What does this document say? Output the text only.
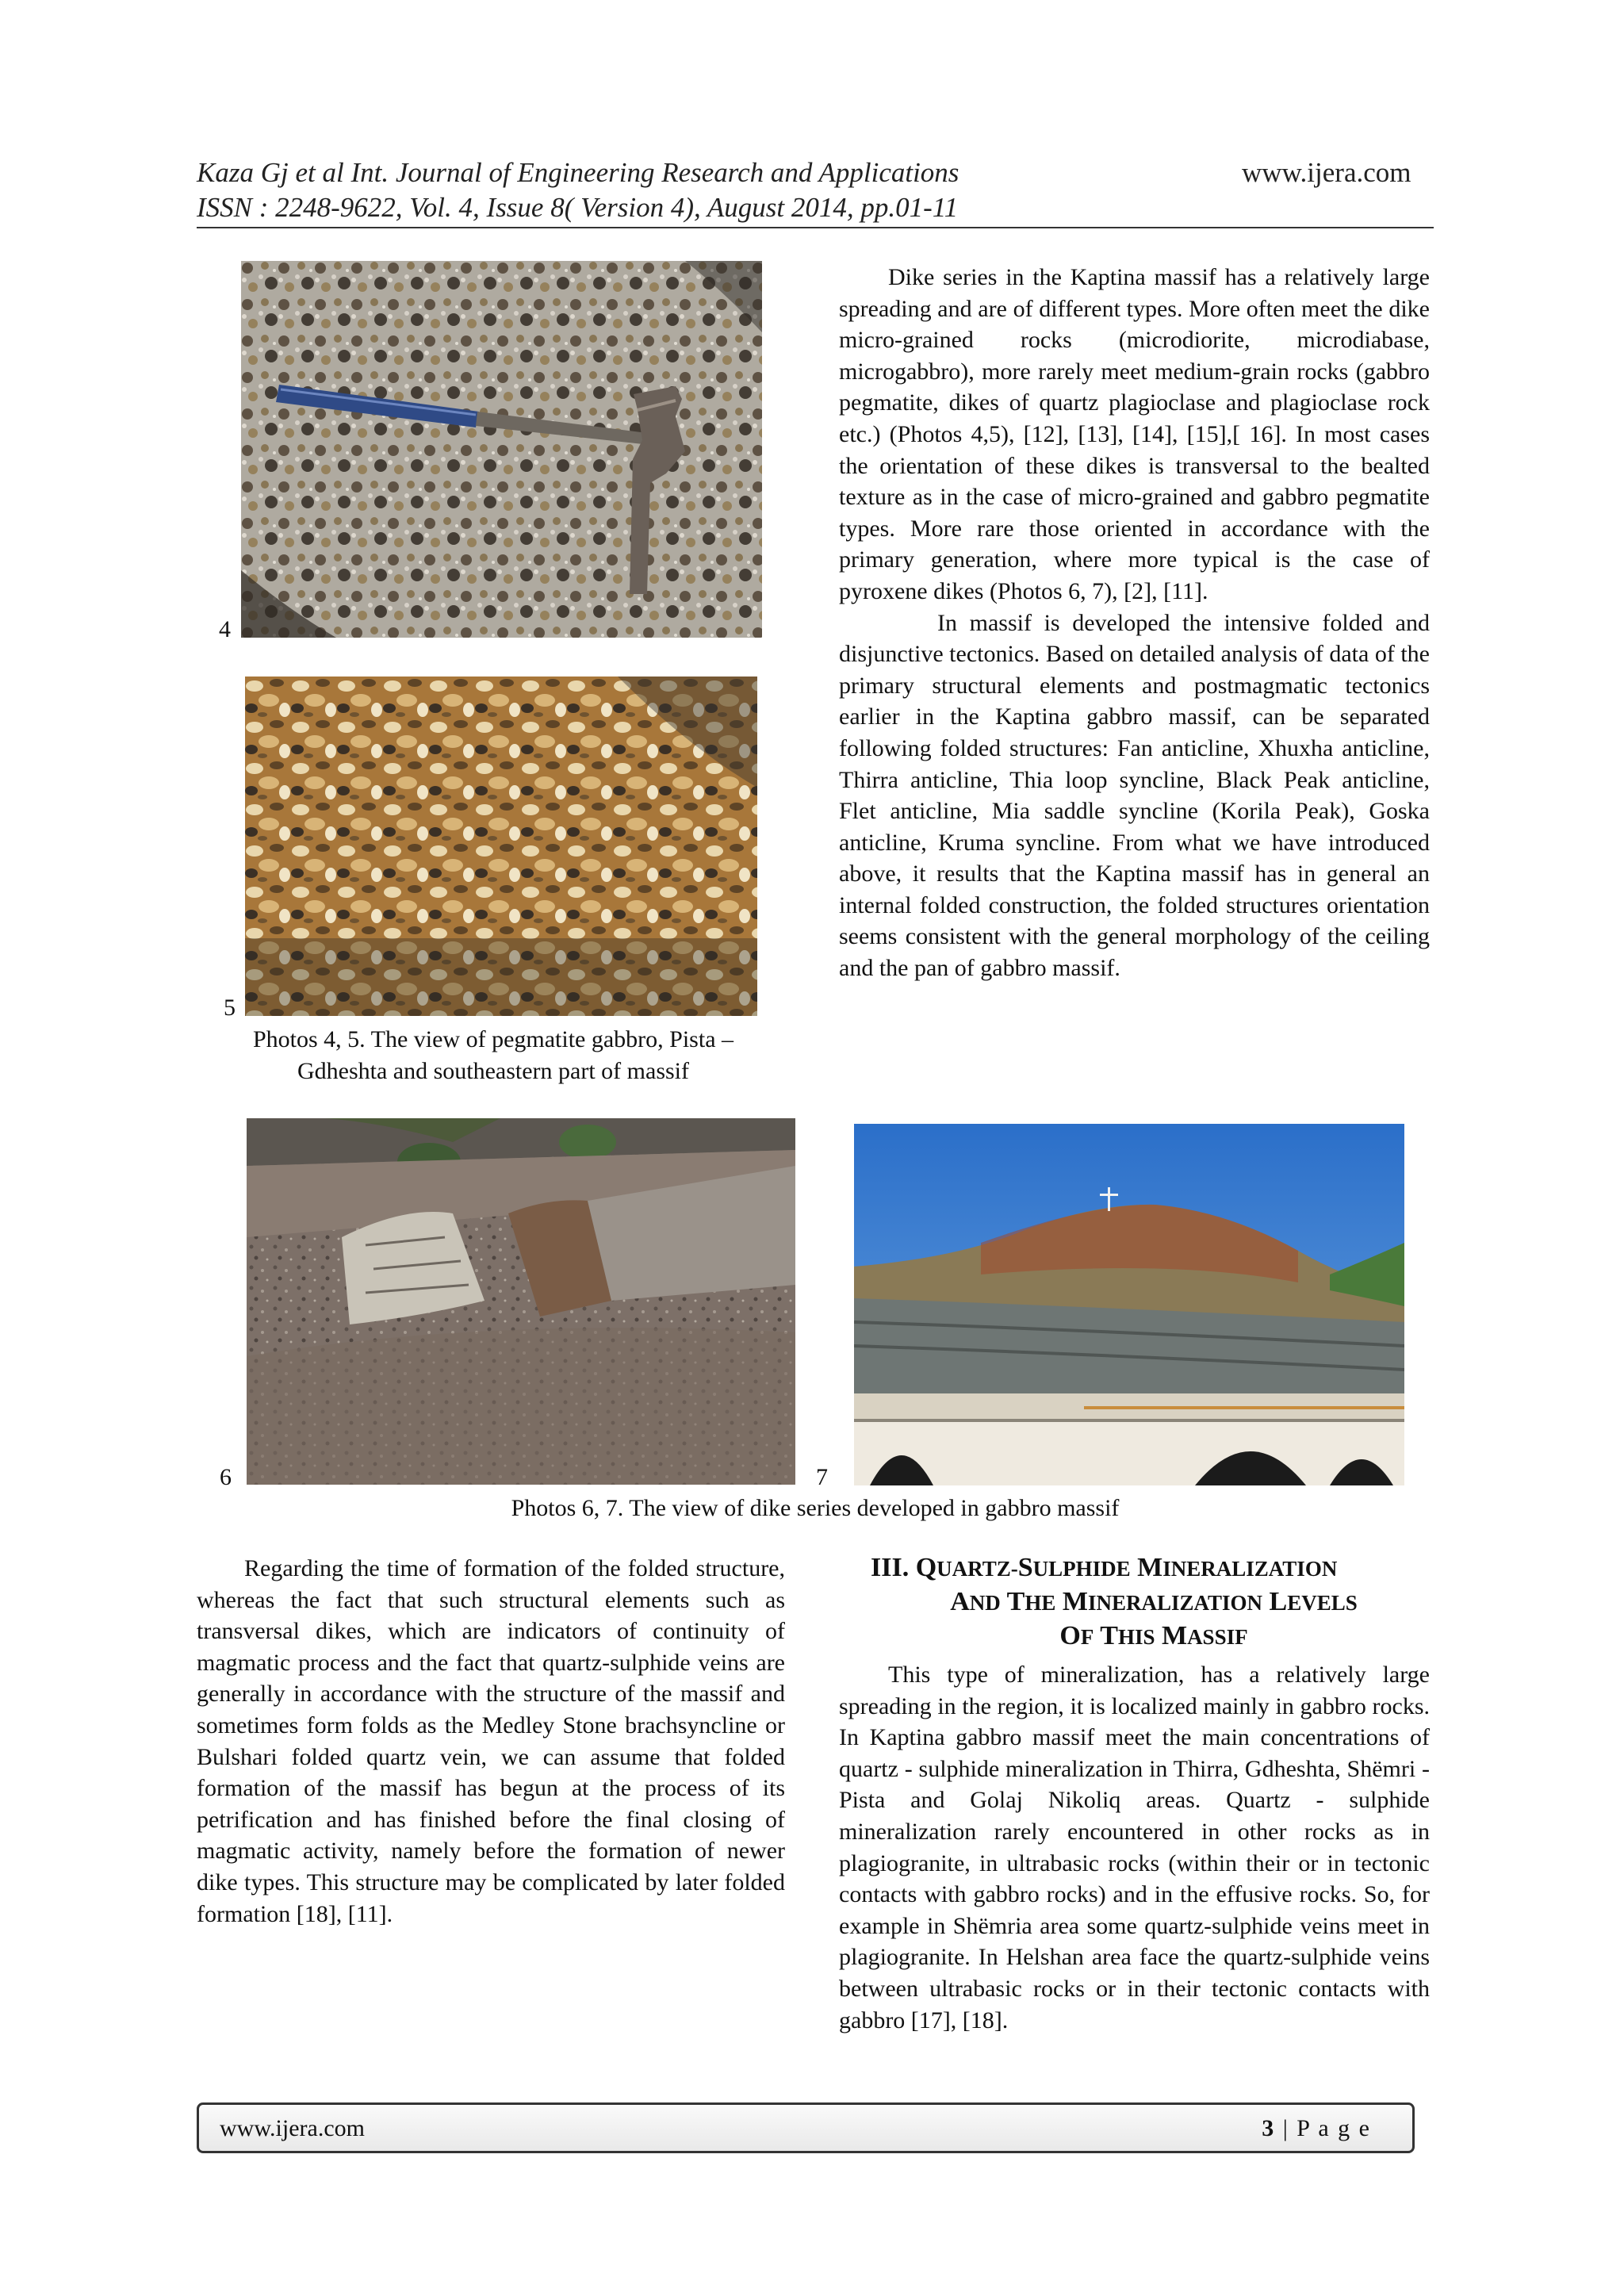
Kaza Gj et al Int. Journal of Engineering Research and Applications	www.ijera.com
ISSN : 2248-9622, Vol. 4, Issue 8( Version 4), August 2014, pp.01-11
4
5
Photos 4, 5. The view of pegmatite gabbro, Pista –
Gdheshta and southeastern part of massif

Dike series in the Kaptina massif has a relatively large spreading and are of different types. More often meet the dike micro-grained rocks (microdiorite, microdiabase, microgabbro), more rarely meet medium-grain rocks (gabbro pegmatite, dikes of quartz plagioclase and plagioclase rock etc.) (Photos 4,5), [12], [13], [14], [15],[ 16]. In most cases the orientation of these dikes is transversal to the bealted texture as in the case of micro-grained and gabbro pegmatite types. More rare those oriented in accordance with the primary generation, where more typical is the case of pyroxene dikes (Photos 6, 7), [2], [11].

In massif is developed the intensive folded and disjunctive tectonics. Based on detailed analysis of data of the primary structural elements and postmagmatic tectonics earlier in the Kaptina gabbro massif, can be separated following folded structures: Fan anticline, Xhuxha anticline, Thirra anticline, Thia loop syncline, Black Peak anticline, Flet anticline, Mia saddle syncline (Korila Peak), Goska anticline, Kruma syncline. From what we have introduced above, it results that the Kaptina massif has in general an internal folded construction, the folded structures orientation seems consistent with the general morphology of the ceiling and the pan of gabbro massif.

6	7
Photos 6, 7. The view of dike series developed in gabbro massif

Regarding the time of formation of the folded structure, whereas the fact that such structural elements such as transversal dikes, which are indicators of continuity of magmatic process and the fact that quartz-sulphide veins are generally in accordance with the structure of the massif and sometimes form folds as the Medley Stone brachsyncline or Bulshari folded quartz vein, we can assume that folded formation of the massif has begun at the process of its petrification and has finished before the final closing of magmatic activity, namely before the formation of newer dike types. This structure may be complicated by later folded formation [18], [11].

III. QUARTZ-SULPHIDE MINERALIZATION
AND THE MINERALIZATION LEVELS
OF THIS MASSIF

This type of mineralization, has a relatively large spreading in the region, it is localized mainly in gabbro rocks. In Kaptina gabbro massif meet the main concentrations of quartz - sulphide mineralization in Thirra, Gdheshta, Shëmri - Pista and Golaj Nikoliq areas. Quartz - sulphide mineralization rarely encountered in other rocks as in plagiogranite, in ultrabasic rocks (within their or in tectonic contacts with gabbro rocks) and in the effusive rocks. So, for example in Shëmria area some quartz-sulphide veins meet in plagiogranite. In Helshan area face the quartz-sulphide veins between ultrabasic rocks or in their tectonic contacts with gabbro [17], [18].

www.ijera.com	3 | P a g e
